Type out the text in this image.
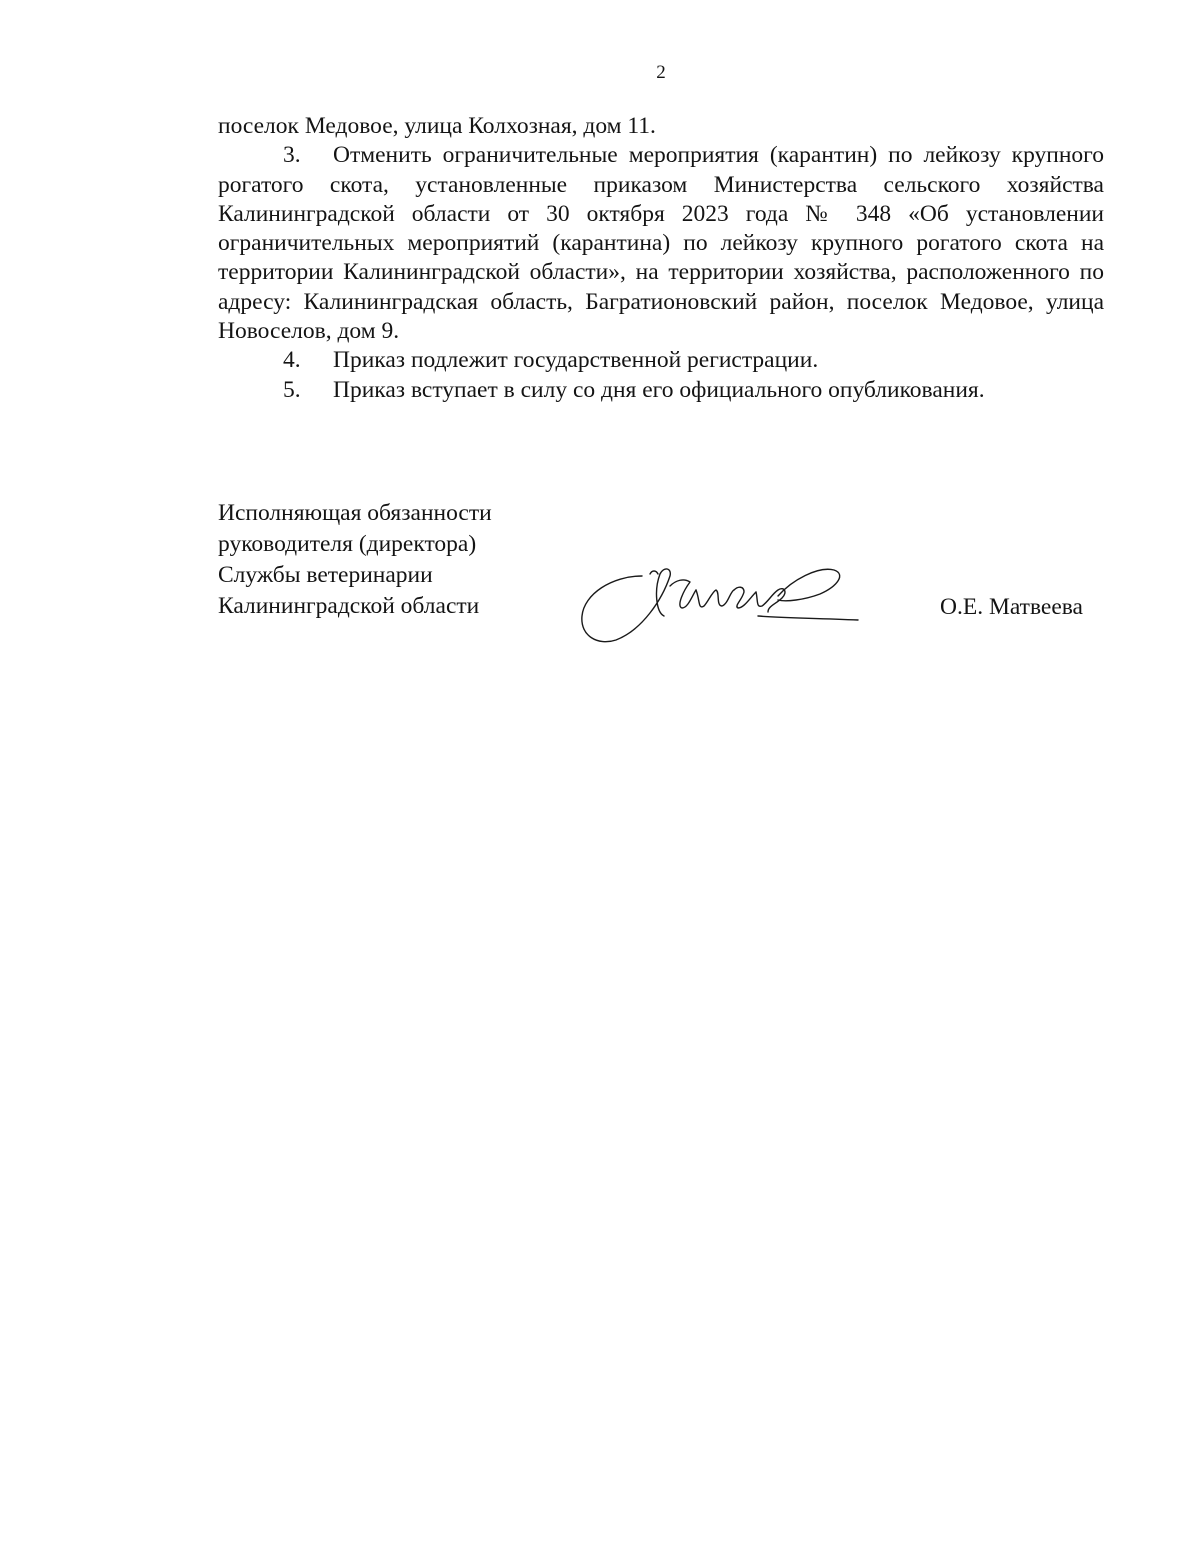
2

поселок Медовое, улица Колхозная, дом 11.

3. Отменить ограничительные мероприятия (карантин) по лейкозу крупного рогатого скота, установленные приказом Министерства сельского хозяйства Калининградской области от 30 октября 2023 года № 348 «Об установлении ограничительных мероприятий (карантина) по лейкозу крупного рогатого скота на территории Калининградской области», на территории хозяйства, расположенного по адресу: Калининградская область, Багратионовский район, поселок Медовое, улица Новоселов, дом 9.

4. Приказ подлежит государственной регистрации.

5. Приказ вступает в силу со дня его официального опубликования.

Исполняющая обязанности
руководителя (директора)
Службы ветеринарии
Калининградской области	О.Е. Матвеева
